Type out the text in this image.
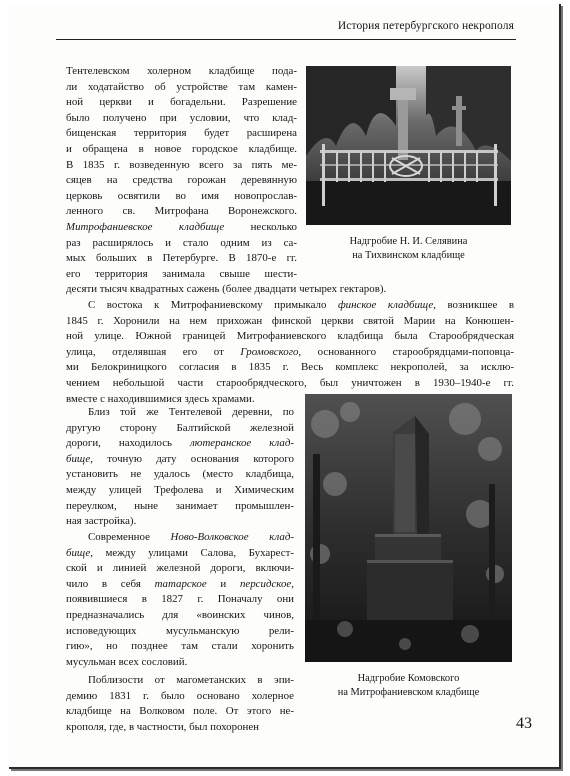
История петербургского некрополя
Тентелевском холерном кладбище пода-
ли ходатайство об устройстве там камен-
ной церкви и богадельни. Разрешение
было получено при условии, что клад-
бищенская территория будет расширена
и обращена в новое городское кладбище.
В 1835 г. возведенную всего за пять ме-
сяцев на средства горожан деревянную
церковь освятили во имя новопрослав-
ленного св. Митрофана Воронежского.
Митрофаниевское кладбище несколько
раз расширялось и стало одним из са-
мых больших в Петербурге. В 1870-е гг.
его территория занимала свыше шести-
десяти тысяч квадратных сажень (более двадцати четырех гектаров).
С востока к Митрофаниевскому примыкало финское кладбище, возникшее в
1845 г. Хоронили на нем прихожан финской церкви святой Марии на Конюшен-
ной улице. Южной границей Митрофаниевского кладбища была Старообрядческая
улица, отделявшая его от Громовского, основанного старообрядцами-поповца-
ми Белокриницкого согласия в 1835 г. Весь комплекс некрополей, за исклю-
чением небольшой части старообрядческого, был уничтожен в 1930–1940-е гг.
вместе с находившимися здесь храмами.
Близ той же Тентелевой деревни, по
другую сторону Балтийской железной
дороги, находилось лютеранское клад-
бище, точную дату основания которого
установить не удалось (место кладбища,
между улицей Трефолева и Химическим
переулком, ныне занимает промышлен-
ная застройка).
Современное Ново-Волковское клад-
бище, между улицами Салова, Бухарест-
ской и линией железной дороги, включи-
чило в себя татарское и персидское,
появившиеся в 1827 г. Поначалу они
предназначались для «воинских чинов,
исповедующих мусульманскую рели-
гию», но позднее там стали хоронить
мусульман всех сословий.
Поблизости от магометанских в эпи-
демию 1831 г. было основано холерное
кладбище на Волковом поле. От этого не-
крополя, где, в частности, был похоронен
Надгробие Н. И. Селявина
на Тихвинском кладбище
Надгробие Комовского
на Митрофаниевском кладбище
43
